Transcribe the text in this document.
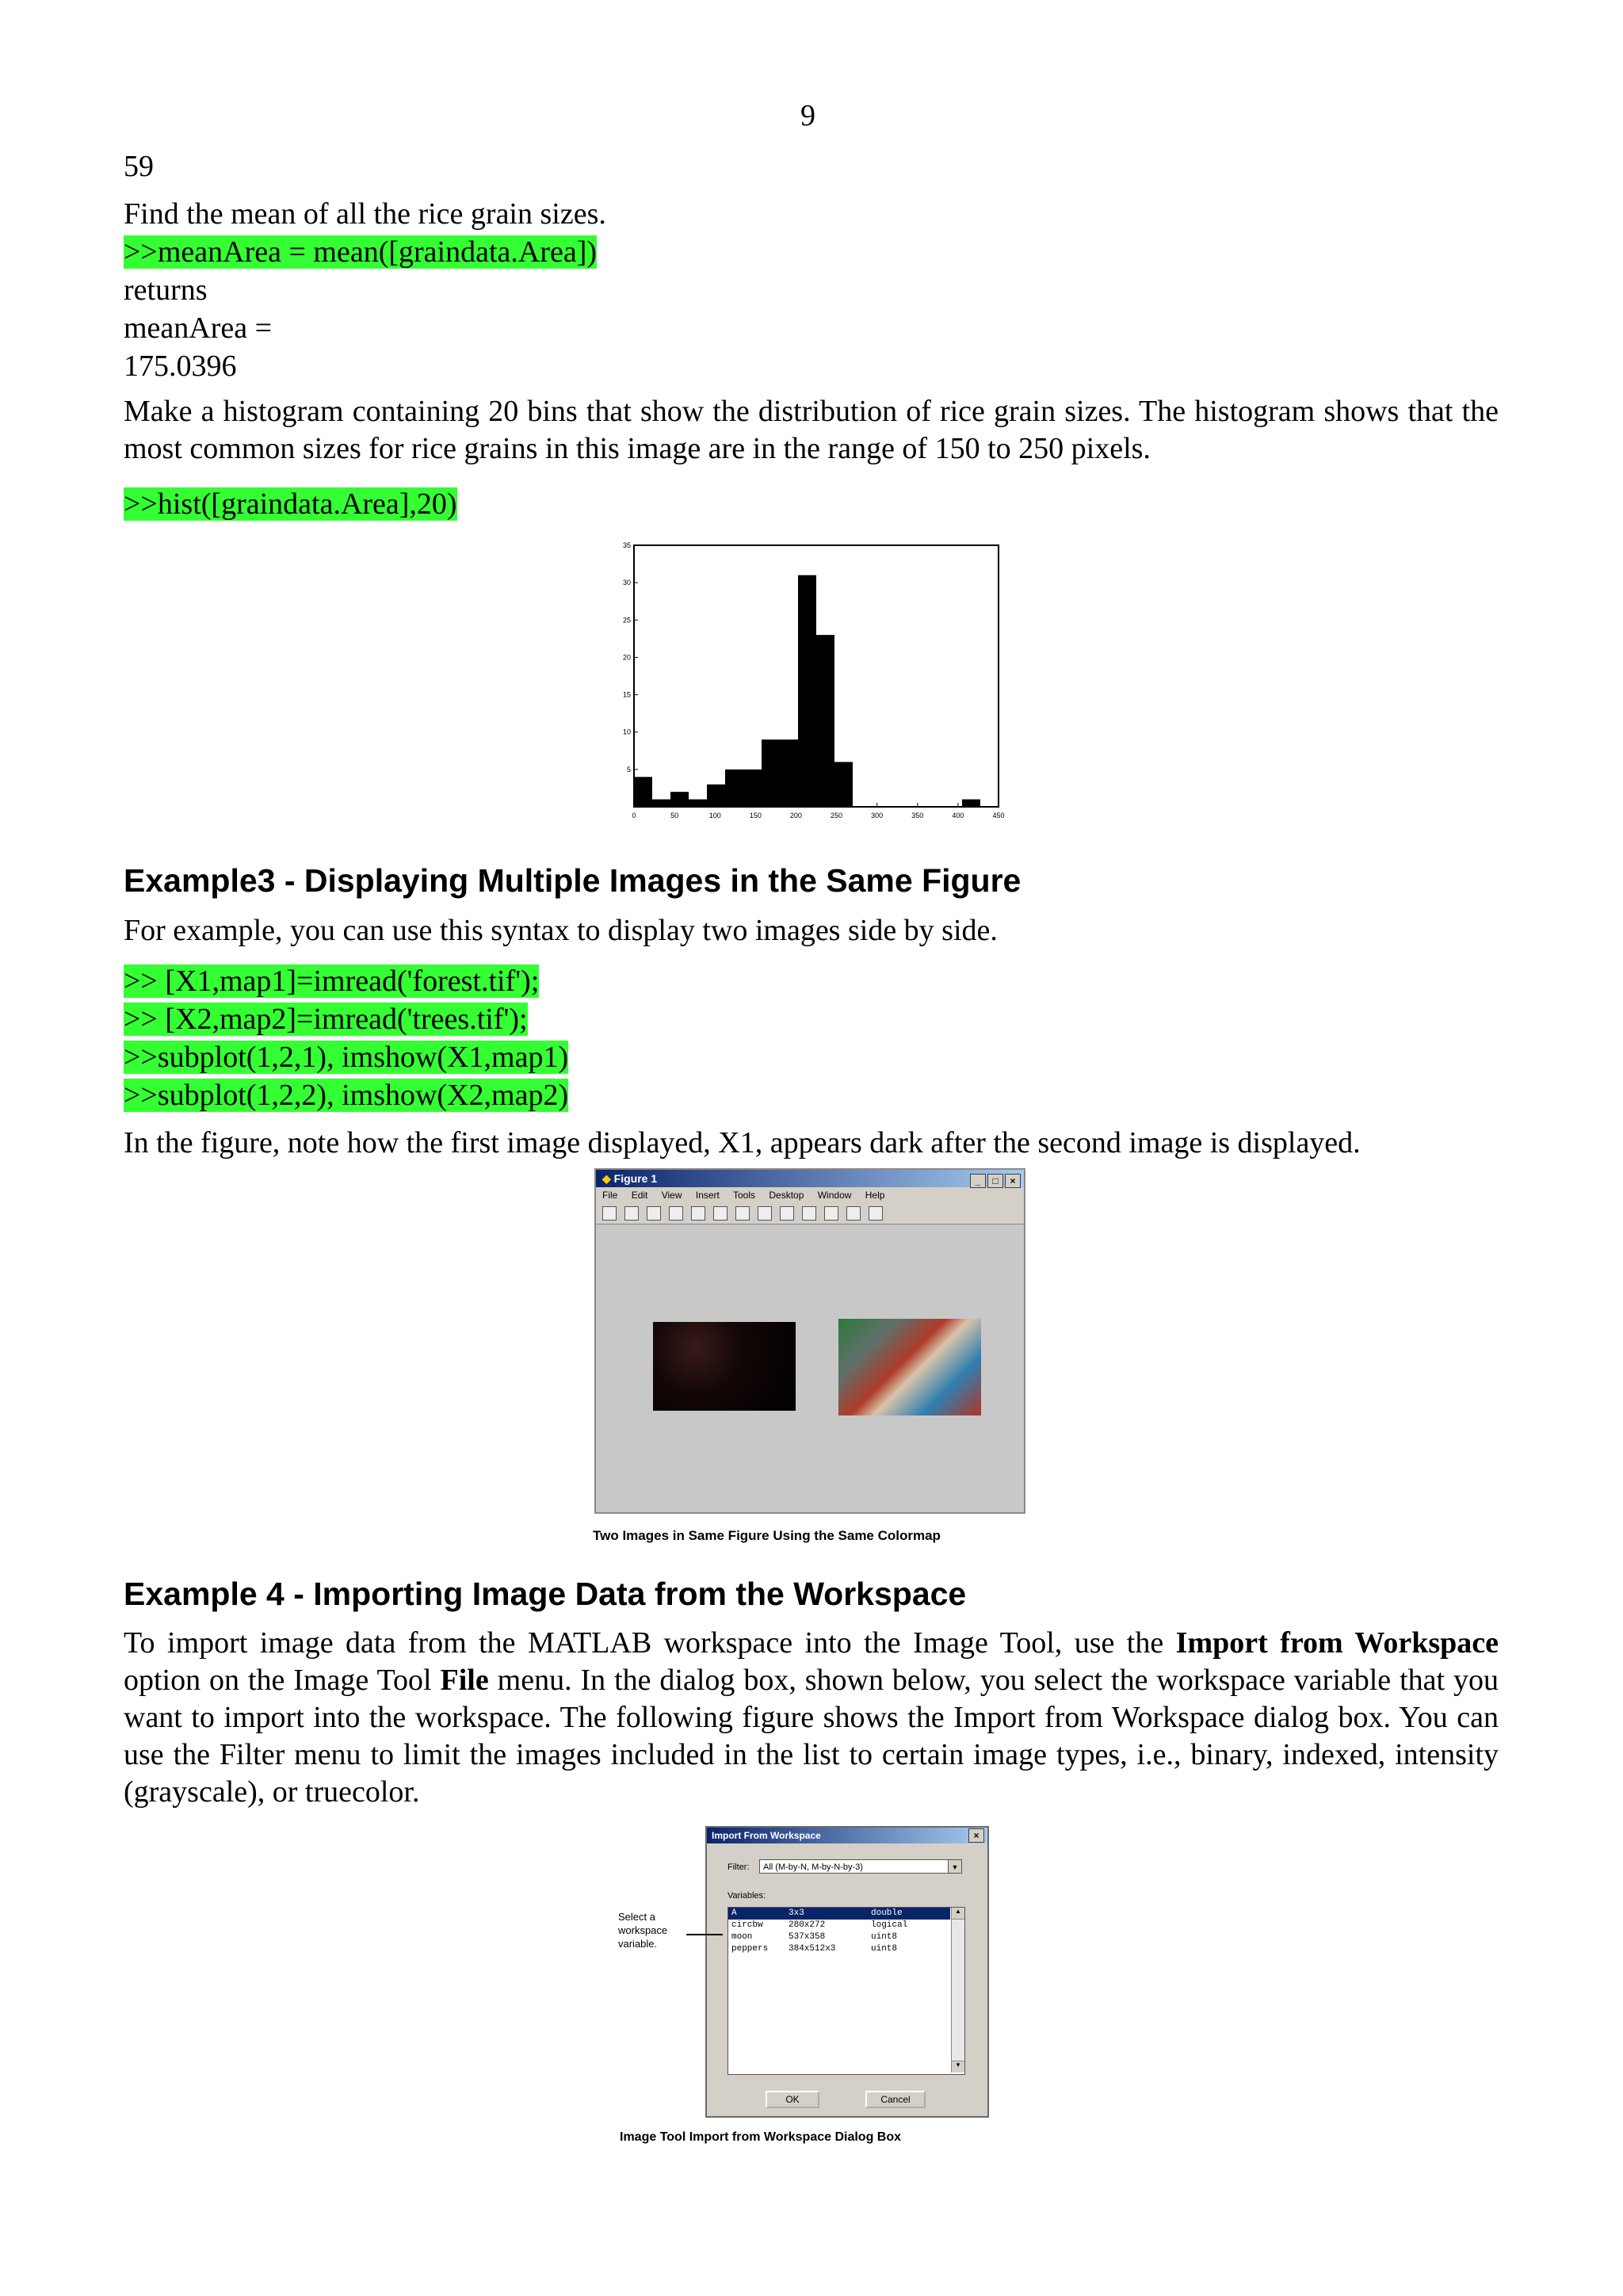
9
59
Find the mean of all the rice grain sizes.
>>meanArea = mean([graindata.Area])
returns
meanArea =
175.0396
Make a histogram containing 20 bins that show the distribution of rice grain sizes. The histogram shows that the most common sizes for rice grains in this image are in the range of 150 to 250 pixels.
>>hist([graindata.Area],20)
0	50	100	150	200	250	300	350	400	450
5
10
15
20
25
30
35
Example3 - Displaying Multiple Images in the Same Figure
For example, you can use this syntax to display two images side by side.
>> [X1,map1]=imread('forest.tif');
>> [X2,map2]=imread('trees.tif');
>>subplot(1,2,1), imshow(X1,map1)
>>subplot(1,2,2), imshow(X2,map2)
In the figure, note how the first image displayed, X1, appears dark after the second image is displayed.
◆ Figure 1	_ □ ×
File Edit View Insert Tools Desktop Window Help

Two Images in Same Figure Using the Same Colormap
Example 4 - Importing Image Data from the Workspace
To import image data from the MATLAB workspace into the Image Tool, use the Import from Workspace option on the Image Tool File menu. In the dialog box, shown below, you select the workspace variable that you want to import into the workspace. The following figure shows the Import from Workspace dialog box. You can use the Filter menu to limit the images included in the list to certain image types, i.e., binary, indexed, intensity (grayscale), or truecolor.
Import From Workspace	×
Filter:	All (M-by-N, M-by-N-by-3)	▼
Variables:
A	3x3	double
circbw	280x272	logical
moon	537x358	uint8
peppers 384x512x3	uint8
▲
▼
OK	Cancel
Select a workspace variable.
Image Tool Import from Workspace Dialog Box
